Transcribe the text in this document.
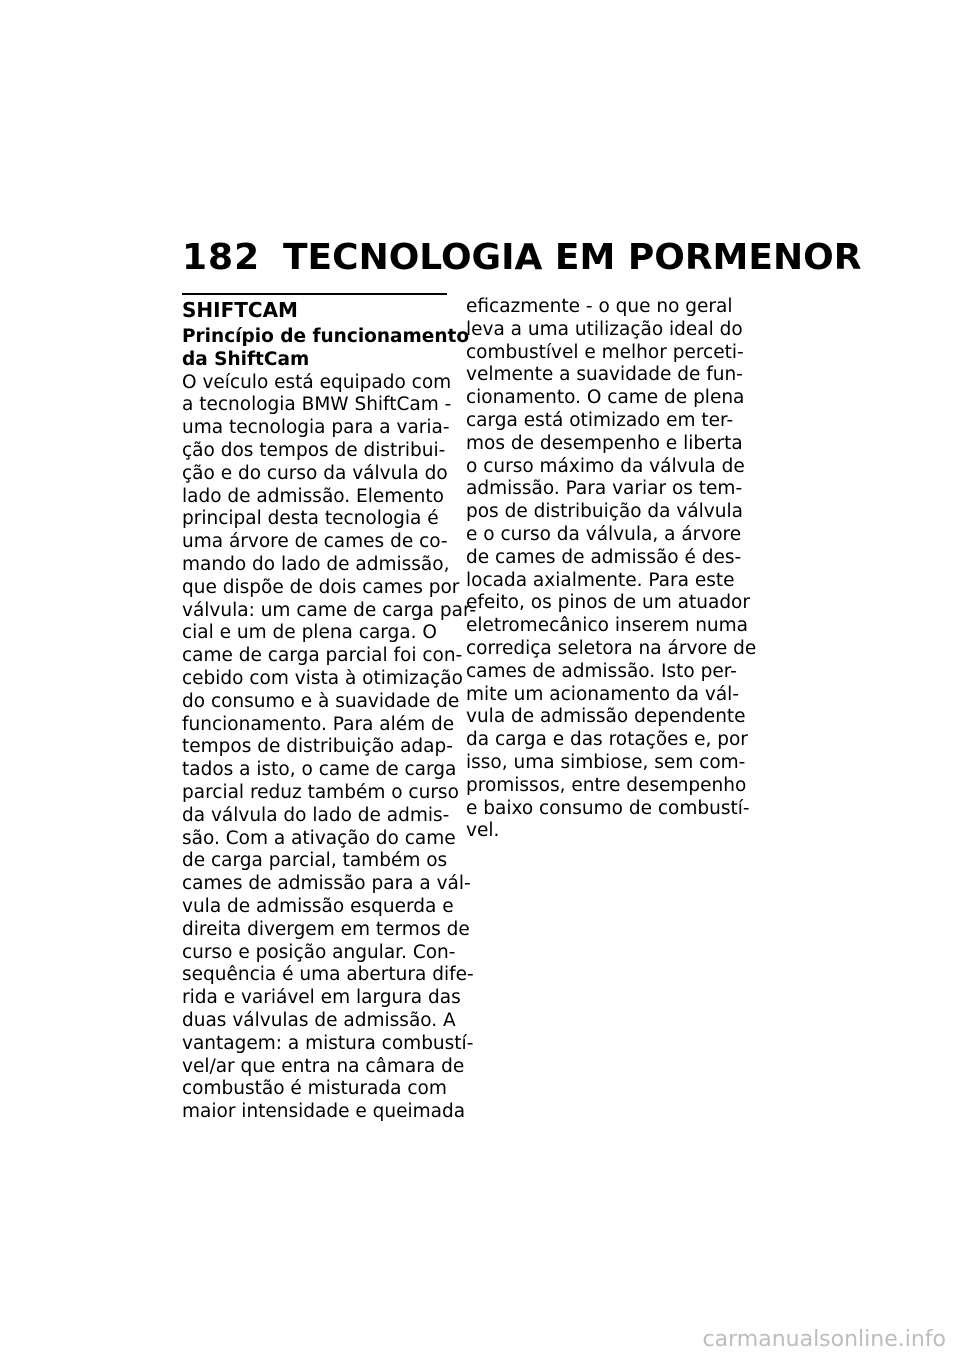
182 TECNOLOGIA EM PORMENOR
SHIFTCAM
Princípio de funcionamento
da ShiftCam
O veículo está equipado com
a tecnologia BMW ShiftCam -
uma tecnologia para a varia-
ção dos tempos de distribui-
ção e do curso da válvula do
lado de admissão. Elemento
principal desta tecnologia é
uma árvore de cames de co-
mando do lado de admissão,
que dispõe de dois cames por
válvula: um came de carga par-
cial e um de plena carga. O
came de carga parcial foi con-
cebido com vista à otimização
do consumo e à suavidade de
funcionamento. Para além de
tempos de distribuição adap-
tados a isto, o came de carga
parcial reduz também o curso
da válvula do lado de admis-
são. Com a ativação do came
de carga parcial, também os
cames de admissão para a vál-
vula de admissão esquerda e
direita divergem em termos de
curso e posição angular. Con-
sequência é uma abertura dife-
rida e variável em largura das
duas válvulas de admissão. A
vantagem: a mistura combustí-
vel/ar que entra na câmara de
combustão é misturada com
maior intensidade e queimada
eficazmente - o que no geral
leva a uma utilização ideal do
combustível e melhor perceti-
velmente a suavidade de fun-
cionamento. O came de plena
carga está otimizado em ter-
mos de desempenho e liberta
o curso máximo da válvula de
admissão. Para variar os tem-
pos de distribuição da válvula
e o curso da válvula, a árvore
de cames de admissão é des-
locada axialmente. Para este
efeito, os pinos de um atuador
eletromecânico inserem numa
corrediça seletora na árvore de
cames de admissão. Isto per-
mite um acionamento da vál-
vula de admissão dependente
da carga e das rotações e, por
isso, uma simbiose, sem com-
promissos, entre desempenho
e baixo consumo de combustí-
vel.
carmanualsonline.info
